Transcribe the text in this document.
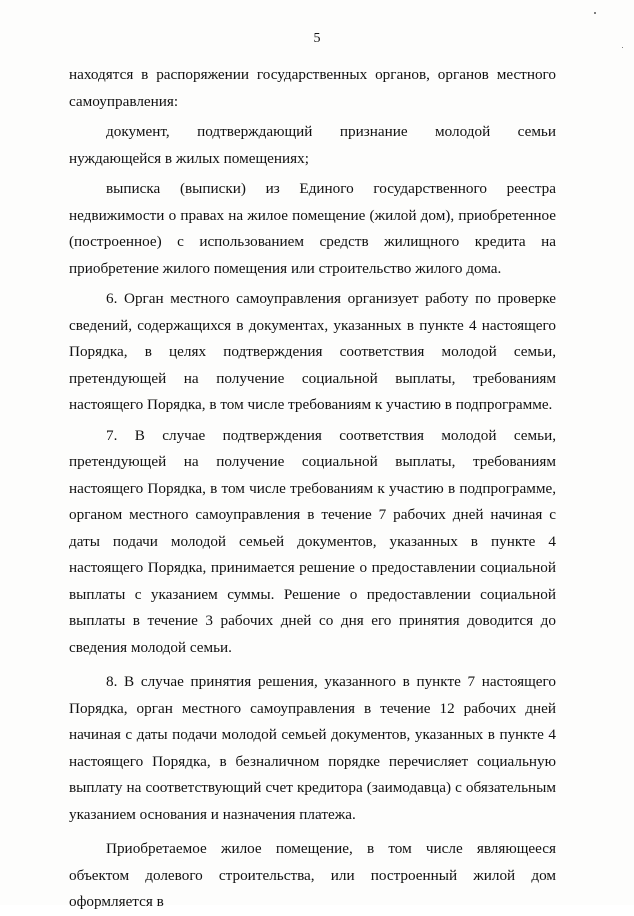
5

находятся в распоряжении государственных органов, органов местного самоуправления:

документ, подтверждающий признание молодой семьи нуждающейся в жилых помещениях;

выписка (выписки) из Единого государственного реестра недвижимости о правах на жилое помещение (жилой дом), приобретенное (построенное) с использованием средств жилищного кредита на приобретение жилого помещения или строительство жилого дома.

6. Орган местного самоуправления организует работу по проверке сведений, содержащихся в документах, указанных в пункте 4 настоящего Порядка, в целях подтверждения соответствия молодой семьи, претендующей на получение социальной выплаты, требованиям настоящего Порядка, в том числе требованиям к участию в подпрограмме.

7. В случае подтверждения соответствия молодой семьи, претендующей на получение социальной выплаты, требованиям настоящего Порядка, в том числе требованиям к участию в подпрограмме, органом местного самоуправления в течение 7 рабочих дней начиная с даты подачи молодой семьей документов, указанных в пункте 4 настоящего Порядка, принимается решение о предоставлении социальной выплаты с указанием суммы. Решение о предоставлении социальной выплаты в течение 3 рабочих дней со дня его принятия доводится до сведения молодой семьи.

8. В случае принятия решения, указанного в пункте 7 настоящего Порядка, орган местного самоуправления в течение 12 рабочих дней начиная с даты подачи молодой семьей документов, указанных в пункте 4 настоящего Порядка, в безналичном порядке перечисляет социальную выплату на соответствующий счет кредитора (заимодавца) с обязательным указанием основания и назначения платежа.

Приобретаемое жилое помещение, в том числе являющееся объектом долевого строительства, или построенный жилой дом оформляется в
